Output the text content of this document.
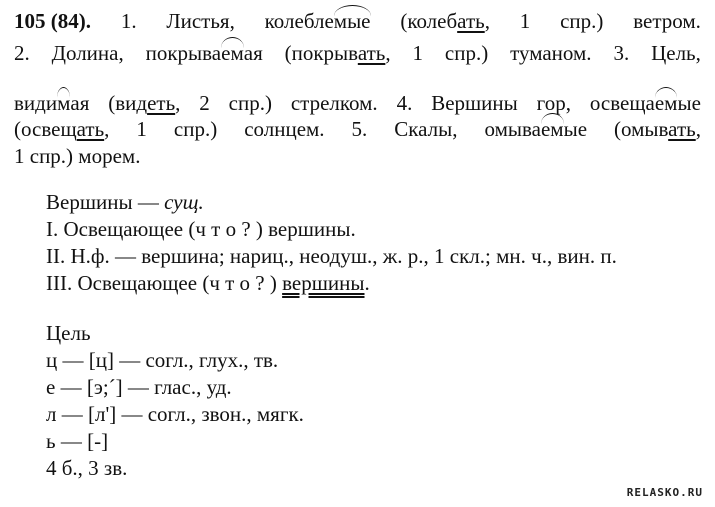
105 (84). 1. Листья, колеблемые (колебать, 1 спр.) ветром.
2. Долина, покрываемая (покрывать, 1 спр.) туманом. 3. Цель,
видимая (видеть, 2 спр.) стрелком. 4. Вершины гор, освещаемые
(освещать, 1 спр.) солнцем. 5. Скалы, омываемые (омывать,
1 спр.) морем.
Вершины — сущ.
I. Освещающее (ч т о ? ) вершины.
II. Н.ф. — вершина; нариц., неодуш., ж. р., 1 скл.; мн. ч., вин. п.
III. Освещающее (ч т о ? ) вершины.
Цель
ц — [ц] — согл., глух., тв.
е — [э;´] — глас., уд.
л — [л'] — согл., звон., мягк.
ь — [-]
4 б., 3 зв.
RELASKO.RU
